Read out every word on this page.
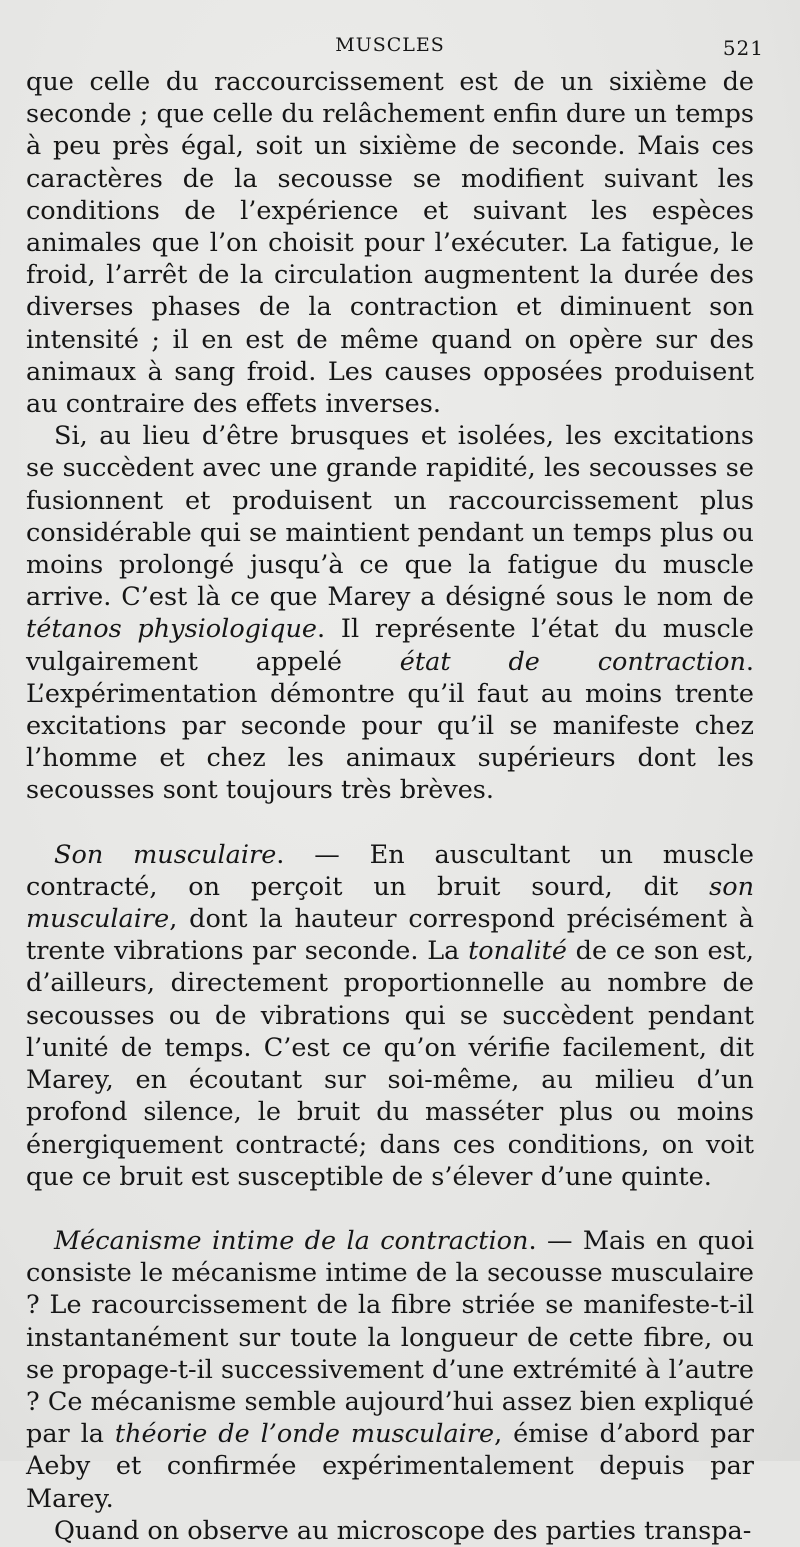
MUSCLES	521

que celle du raccourcissement est de un sixième de seconde ; que celle du relâchement enfin dure un temps à peu près égal, soit un sixième de seconde. Mais ces caractères de la secousse se modifient suivant les conditions de l’expérience et suivant les espèces animales que l’on choisit pour l’exécuter. La fatigue, le froid, l’arrêt de la circulation augmentent la durée des diverses phases de la contraction et diminuent son intensité ; il en est de même quand on opère sur des animaux à sang froid. Les causes opposées produisent au contraire des effets inverses.

Si, au lieu d’être brusques et isolées, les excitations se succèdent avec une grande rapidité, les secousses se fusionnent et produisent un raccourcissement plus considérable qui se maintient pendant un temps plus ou moins prolongé jusqu’à ce que la fatigue du muscle arrive. C’est là ce que Marey a désigné sous le nom de tétanos physiologique. Il représente l’état du muscle vulgairement appelé état de contraction. L’expérimentation démontre qu’il faut au moins trente excitations par seconde pour qu’il se manifeste chez l’homme et chez les animaux supérieurs dont les secousses sont toujours très brèves.

Son musculaire. — En auscultant un muscle contracté, on perçoit un bruit sourd, dit son musculaire, dont la hauteur correspond précisément à trente vibrations par seconde. La tonalité de ce son est, d’ailleurs, directement proportionnelle au nombre de secousses ou de vibrations qui se succèdent pendant l’unité de temps. C’est ce qu’on vérifie facilement, dit Marey, en écoutant sur soi-même, au milieu d’un profond silence, le bruit du masséter plus ou moins énergiquement contracté; dans ces conditions, on voit que ce bruit est susceptible de s’élever d’une quinte.

Mécanisme intime de la contraction. — Mais en quoi consiste le mécanisme intime de la secousse musculaire ? Le racourcissement de la fibre striée se manifeste-t-il instantanément sur toute la longueur de cette fibre, ou se propage-t-il successivement d’une extrémité à l’autre ? Ce mécanisme semble aujourd’hui assez bien expliqué par la théorie de l’onde musculaire, émise d’abord par Aeby et confirmée expérimentalement depuis par Marey.

Quand on observe au microscope des parties transpa-
